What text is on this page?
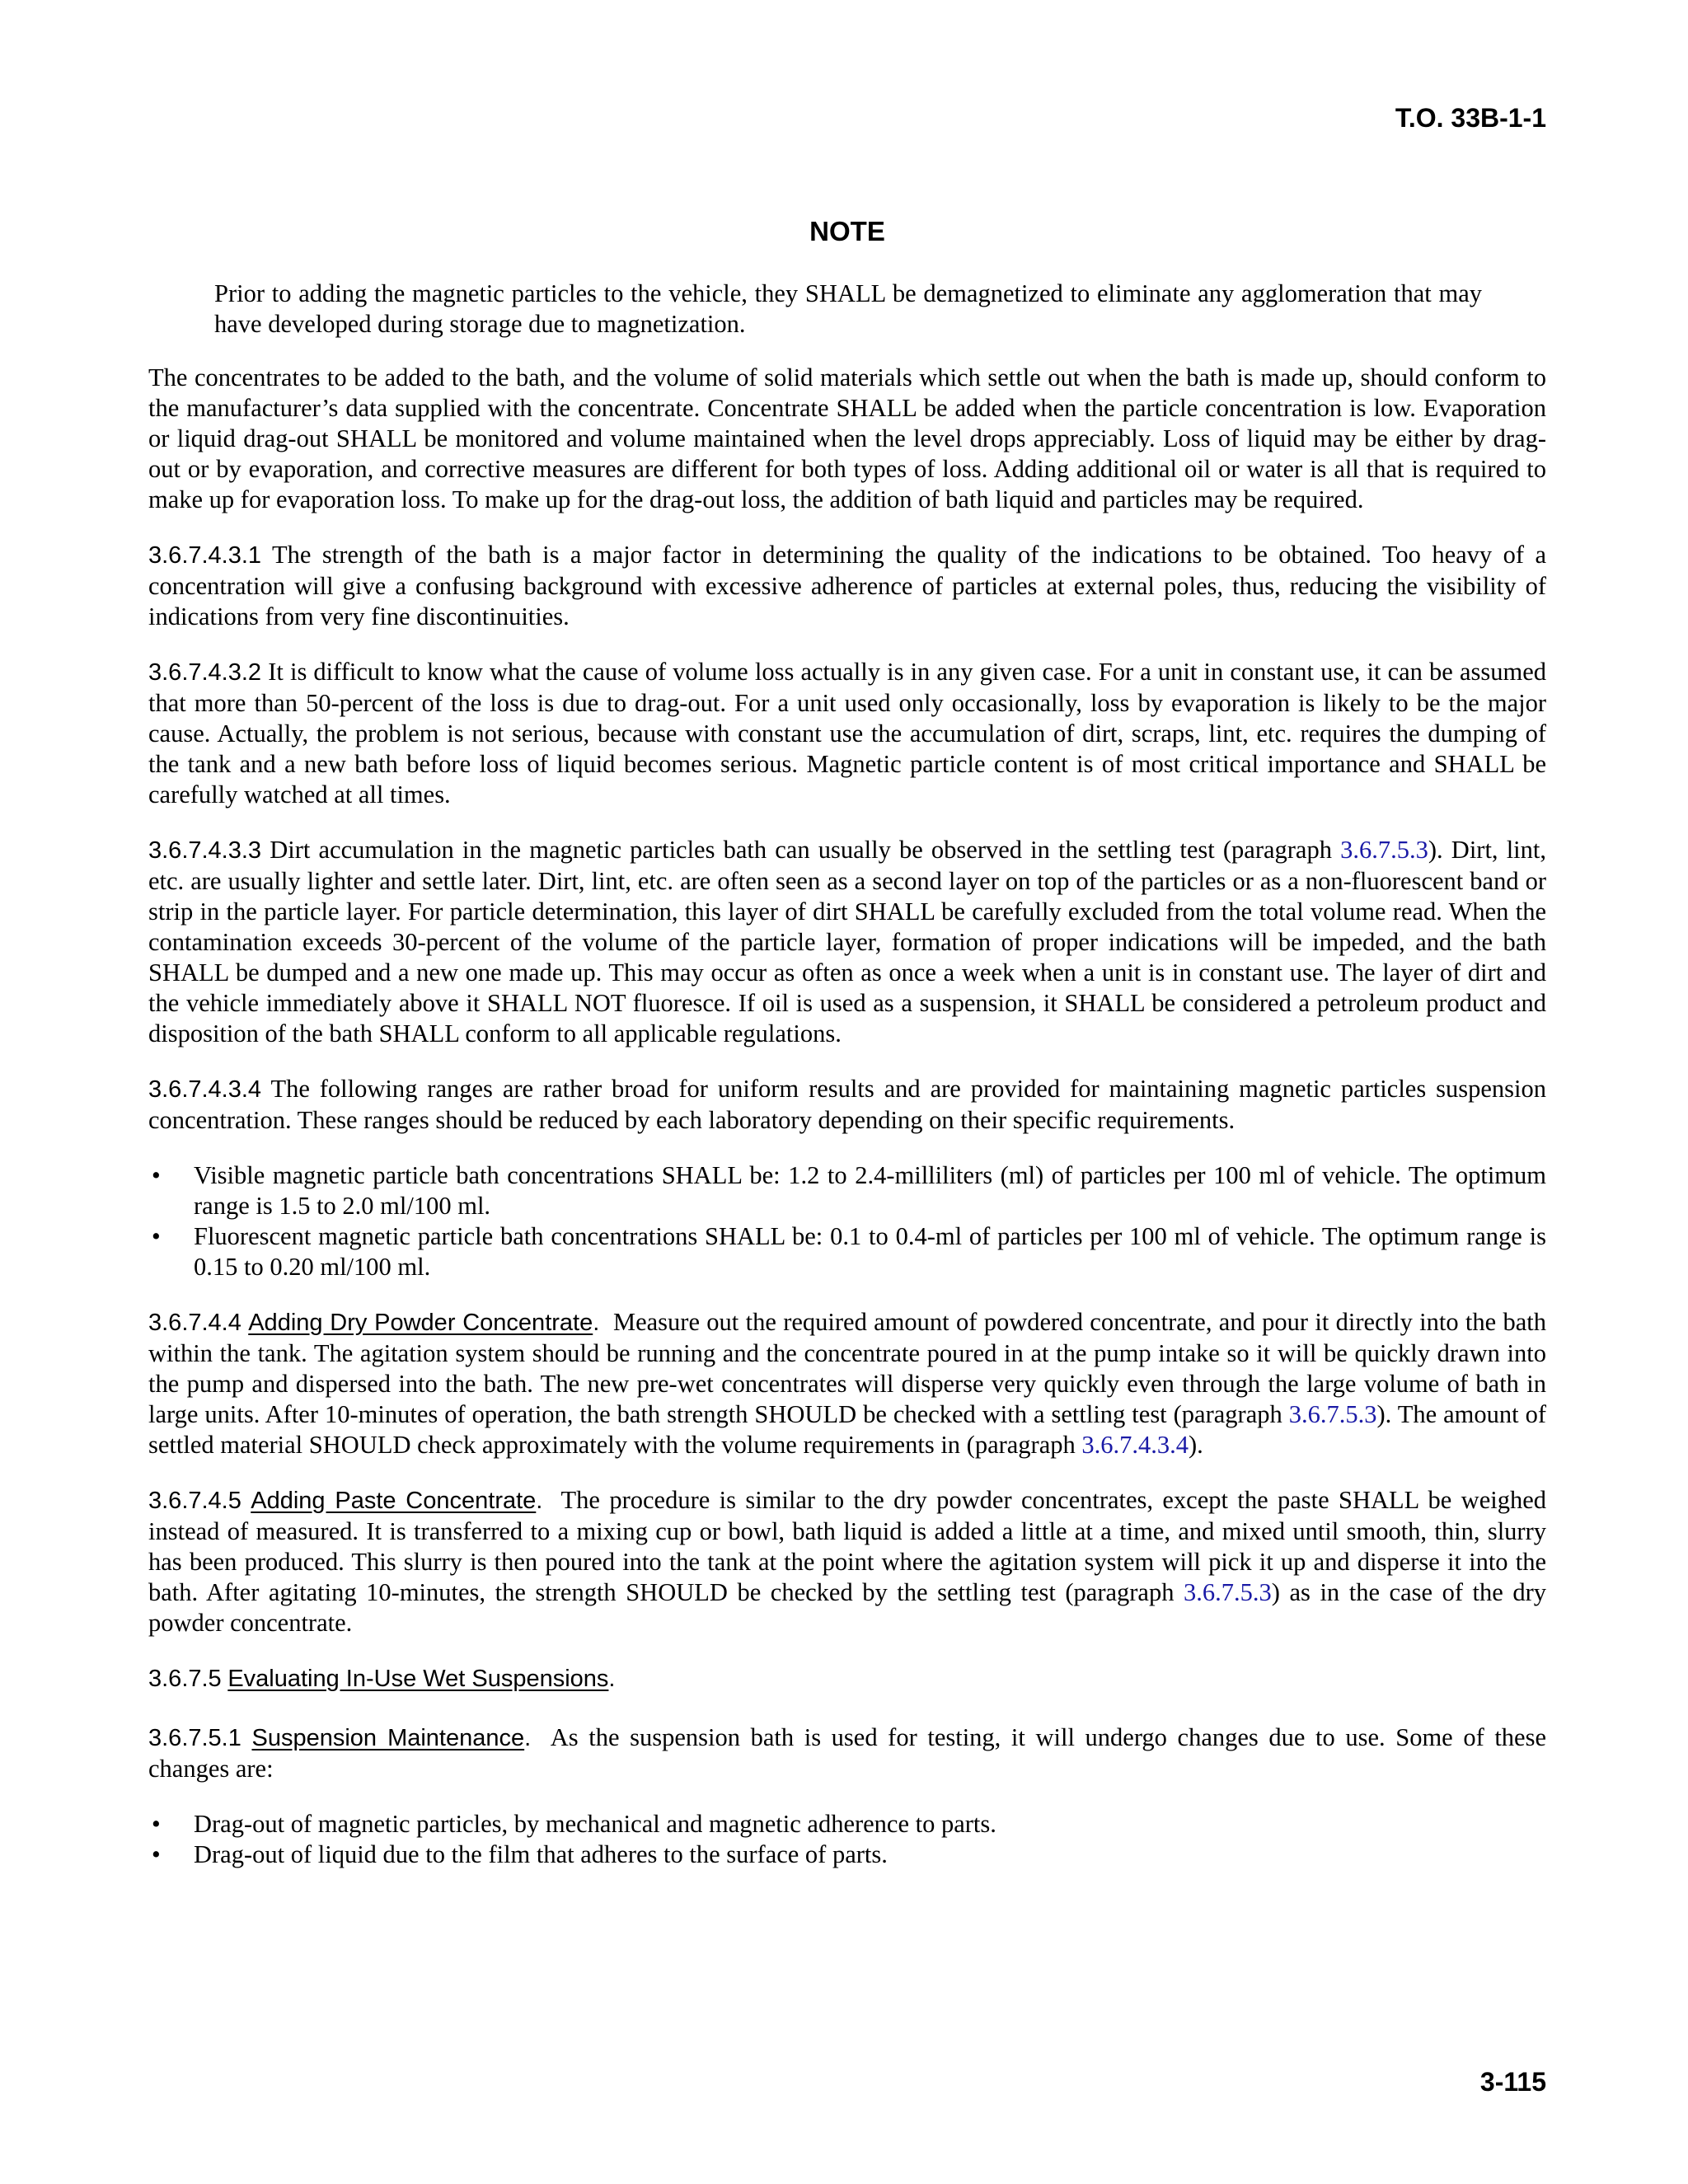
T.O. 33B-1-1
NOTE
Prior to adding the magnetic particles to the vehicle, they SHALL be demagnetized to eliminate any agglomeration that may have developed during storage due to magnetization.

The concentrates to be added to the bath, and the volume of solid materials which settle out when the bath is made up, should conform to the manufacturer’s data supplied with the concentrate. Concentrate SHALL be added when the particle concentration is low. Evaporation or liquid drag-out SHALL be monitored and volume maintained when the level drops appreciably. Loss of liquid may be either by drag-out or by evaporation, and corrective measures are different for both types of loss. Adding additional oil or water is all that is required to make up for evaporation loss. To make up for the drag-out loss, the addition of bath liquid and particles may be required.

3.6.7.4.3.1 The strength of the bath is a major factor in determining the quality of the indications to be obtained. Too heavy of a concentration will give a confusing background with excessive adherence of particles at external poles, thus, reducing the visibility of indications from very fine discontinuities.

3.6.7.4.3.2 It is difficult to know what the cause of volume loss actually is in any given case. For a unit in constant use, it can be assumed that more than 50-percent of the loss is due to drag-out. For a unit used only occasionally, loss by evaporation is likely to be the major cause. Actually, the problem is not serious, because with constant use the accumulation of dirt, scraps, lint, etc. requires the dumping of the tank and a new bath before loss of liquid becomes serious. Magnetic particle content is of most critical importance and SHALL be carefully watched at all times.

3.6.7.4.3.3 Dirt accumulation in the magnetic particles bath can usually be observed in the settling test (paragraph 3.6.7.5.3). Dirt, lint, etc. are usually lighter and settle later. Dirt, lint, etc. are often seen as a second layer on top of the particles or as a non-fluorescent band or strip in the particle layer. For particle determination, this layer of dirt SHALL be carefully excluded from the total volume read. When the contamination exceeds 30-percent of the volume of the particle layer, formation of proper indications will be impeded, and the bath SHALL be dumped and a new one made up. This may occur as often as once a week when a unit is in constant use. The layer of dirt and the vehicle immediately above it SHALL NOT fluoresce. If oil is used as a suspension, it SHALL be considered a petroleum product and disposition of the bath SHALL conform to all applicable regulations.

3.6.7.4.3.4 The following ranges are rather broad for uniform results and are provided for maintaining magnetic particles suspension concentration. These ranges should be reduced by each laboratory depending on their specific requirements.

• Visible magnetic particle bath concentrations SHALL be: 1.2 to 2.4-milliliters (ml) of particles per 100 ml of vehicle. The optimum range is 1.5 to 2.0 ml/100 ml.
• Fluorescent magnetic particle bath concentrations SHALL be: 0.1 to 0.4-ml of particles per 100 ml of vehicle. The optimum range is 0.15 to 0.20 ml/100 ml.

3.6.7.4.4 Adding Dry Powder Concentrate. Measure out the required amount of powdered concentrate, and pour it directly into the bath within the tank. The agitation system should be running and the concentrate poured in at the pump intake so it will be quickly drawn into the pump and dispersed into the bath. The new pre-wet concentrates will disperse very quickly even through the large volume of bath in large units. After 10-minutes of operation, the bath strength SHOULD be checked with a settling test (paragraph 3.6.7.5.3). The amount of settled material SHOULD check approximately with the volume requirements in (paragraph 3.6.7.4.3.4).

3.6.7.4.5 Adding Paste Concentrate. The procedure is similar to the dry powder concentrates, except the paste SHALL be weighed instead of measured. It is transferred to a mixing cup or bowl, bath liquid is added a little at a time, and mixed until smooth, thin, slurry has been produced. This slurry is then poured into the tank at the point where the agitation system will pick it up and disperse it into the bath. After agitating 10-minutes, the strength SHOULD be checked by the settling test (paragraph 3.6.7.5.3) as in the case of the dry powder concentrate.

3.6.7.5 Evaluating In-Use Wet Suspensions.

3.6.7.5.1 Suspension Maintenance. As the suspension bath is used for testing, it will undergo changes due to use. Some of these changes are:

• Drag-out of magnetic particles, by mechanical and magnetic adherence to parts.
• Drag-out of liquid due to the film that adheres to the surface of parts.
3-115
